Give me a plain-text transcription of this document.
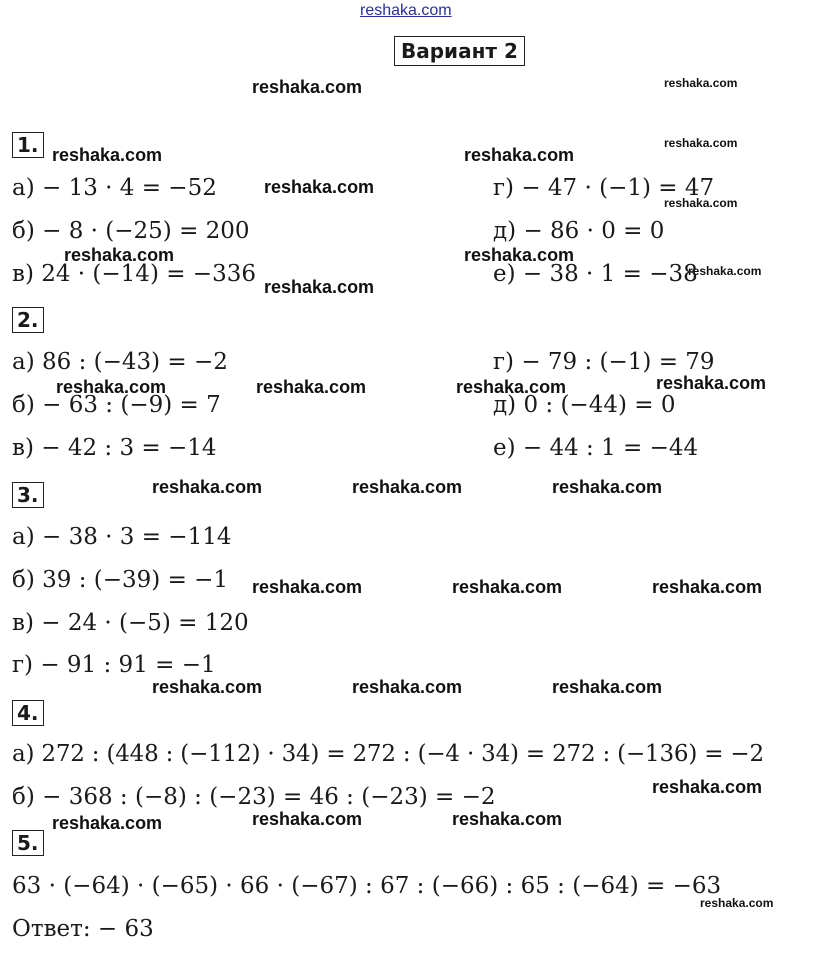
reshaka.com
reshaka.com	reshaka.com
reshaka.com
reshaka.com	reshaka.com
reshaka.com
reshaka.com
reshaka.com	reshaka.com
reshaka.com
reshaka.com
reshaka.com	reshaka.com	reshaka.com	reshaka.com
reshaka.com	reshaka.com	reshaka.com
reshaka.com	reshaka.com	reshaka.com
reshaka.com	reshaka.com	reshaka.com
reshaka.com
reshaka.com	reshaka.com	reshaka.com
reshaka.com
Вариант 2
1.
а) − 13 · 4 = −52
б) − 8 · (−25) = 200
в) 24 · (−14) = −336
г) − 47 · (−1) = 47
д) − 86 · 0 = 0
е) − 38 · 1 = −38
2.
а) 86 : (−43) = −2
б) − 63 : (−9) = 7
в) − 42 : 3 = −14
г) − 79 : (−1) = 79
д) 0 : (−44) = 0
е) − 44 : 1 = −44
3.
а) − 38 · 3 = −114
б) 39 : (−39) = −1
в) − 24 · (−5) = 120
г) − 91 : 91 = −1
4.
а) 272 : (448 : (−112) · 34) = 272 : (−4 · 34) = 272 : (−136) = −2
б) − 368 : (−8) : (−23) = 46 : (−23) = −2
5.
63 · (−64) · (−65) · 66 · (−67) : 67 : (−66) : 65 : (−64) = −63
Ответ: − 63
